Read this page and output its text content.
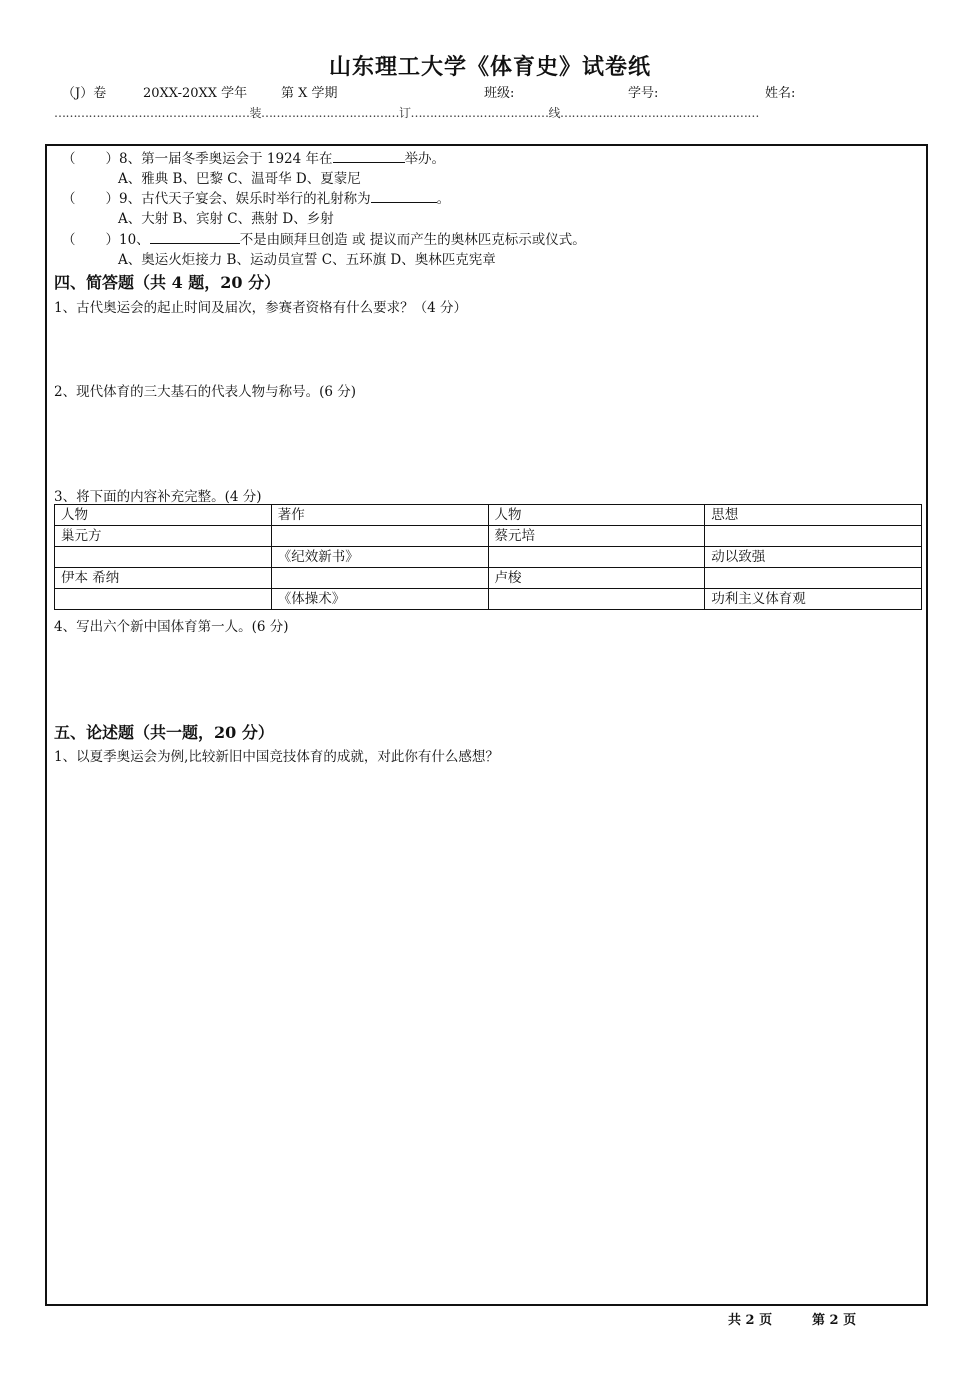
山东理工大学《体育史》试卷纸
（J）卷	20XX-20XX 学年	第 X 学期	班级:	学号:	姓名:
……………………………………………装………………………………订………………………………线………….…………………………………
（ ）8、第一届冬季奥运会于 1924 年在	举办。
A、雅典 B、巴黎 C、温哥华 D、夏蒙尼
（ ）9、古代天子宴会、娱乐时举行的礼射称为	。
A、大射 B、宾射 C、燕射 D、乡射
（ ）10、	不是由顾拜旦创造 或 提议而产生的奥林匹克标示或仪式。
A、奥运火炬接力 B、运动员宣誓 C、五环旗 D、奥林匹克宪章
四、简答题（共 4 题，20 分）
1、古代奥运会的起止时间及届次，参赛者资格有什么要求？（4 分）
2、现代体育的三大基石的代表人物与称号。(6 分)
3、将下面的内容补充完整。(4 分)
人物	著作	人物	思想
巢元方		蔡元培	
	《纪效新书》		动以致强
伊本 希纳		卢梭	
	《体操术》		功利主义体育观
4、写出六个新中国体育第一人。(6 分)
五、论述题（共一题，20 分）
1、以夏季奥运会为例,比较新旧中国竞技体育的成就，对此你有什么感想？
共 2 页	第 2 页
